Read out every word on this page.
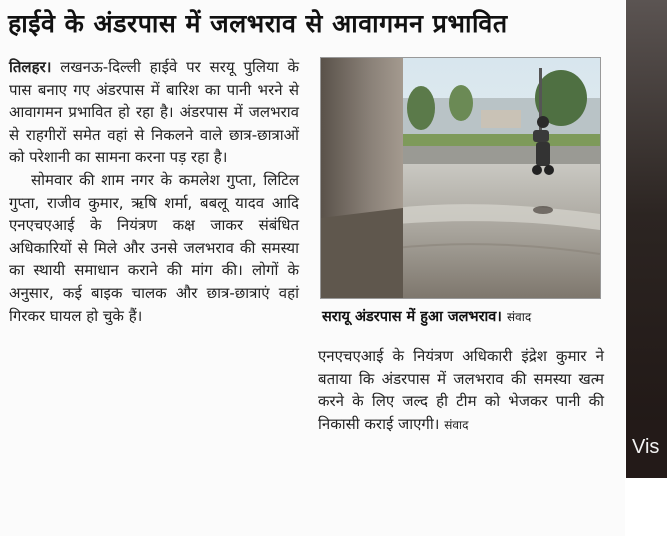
हाईवे के अंडरपास में जलभराव से आवागमन प्रभावित

तिलहर। लखनऊ-दिल्ली हाईवे पर सरयू पुलिया के पास बनाए गए अंडरपास में बारिश का पानी भरने से आवागमन प्रभावित हो रहा है। अंडरपास में जलभराव से राहगीरों समेत वहां से निकलने वाले छात्र-छात्राओं को परेशानी का सामना करना पड़ रहा है।

सोमवार की शाम नगर के कमलेश गुप्ता, लिटिल गुप्ता, राजीव कुमार, ऋषि शर्मा, बबलू यादव आदि एनएचएआई के नियंत्रण कक्ष जाकर संबंधित अधिकारियों से मिले और उनसे जलभराव की समस्या का स्थायी समाधान कराने की मांग की। लोगों के अनुसार, कई बाइक चालक और छात्र-छात्राएं वहां गिरकर घायल हो चुके हैं।	सरायू अंडरपास में हुआ जलभराव। संवाद

एनएचएआई के नियंत्रण अधिकारी इंद्रेश कुमार ने बताया कि अंडरपास में जलभराव की समस्या खत्म करने के लिए जल्द ही टीम को भेजकर पानी की निकासी कराई जाएगी। संवाद

Vis
